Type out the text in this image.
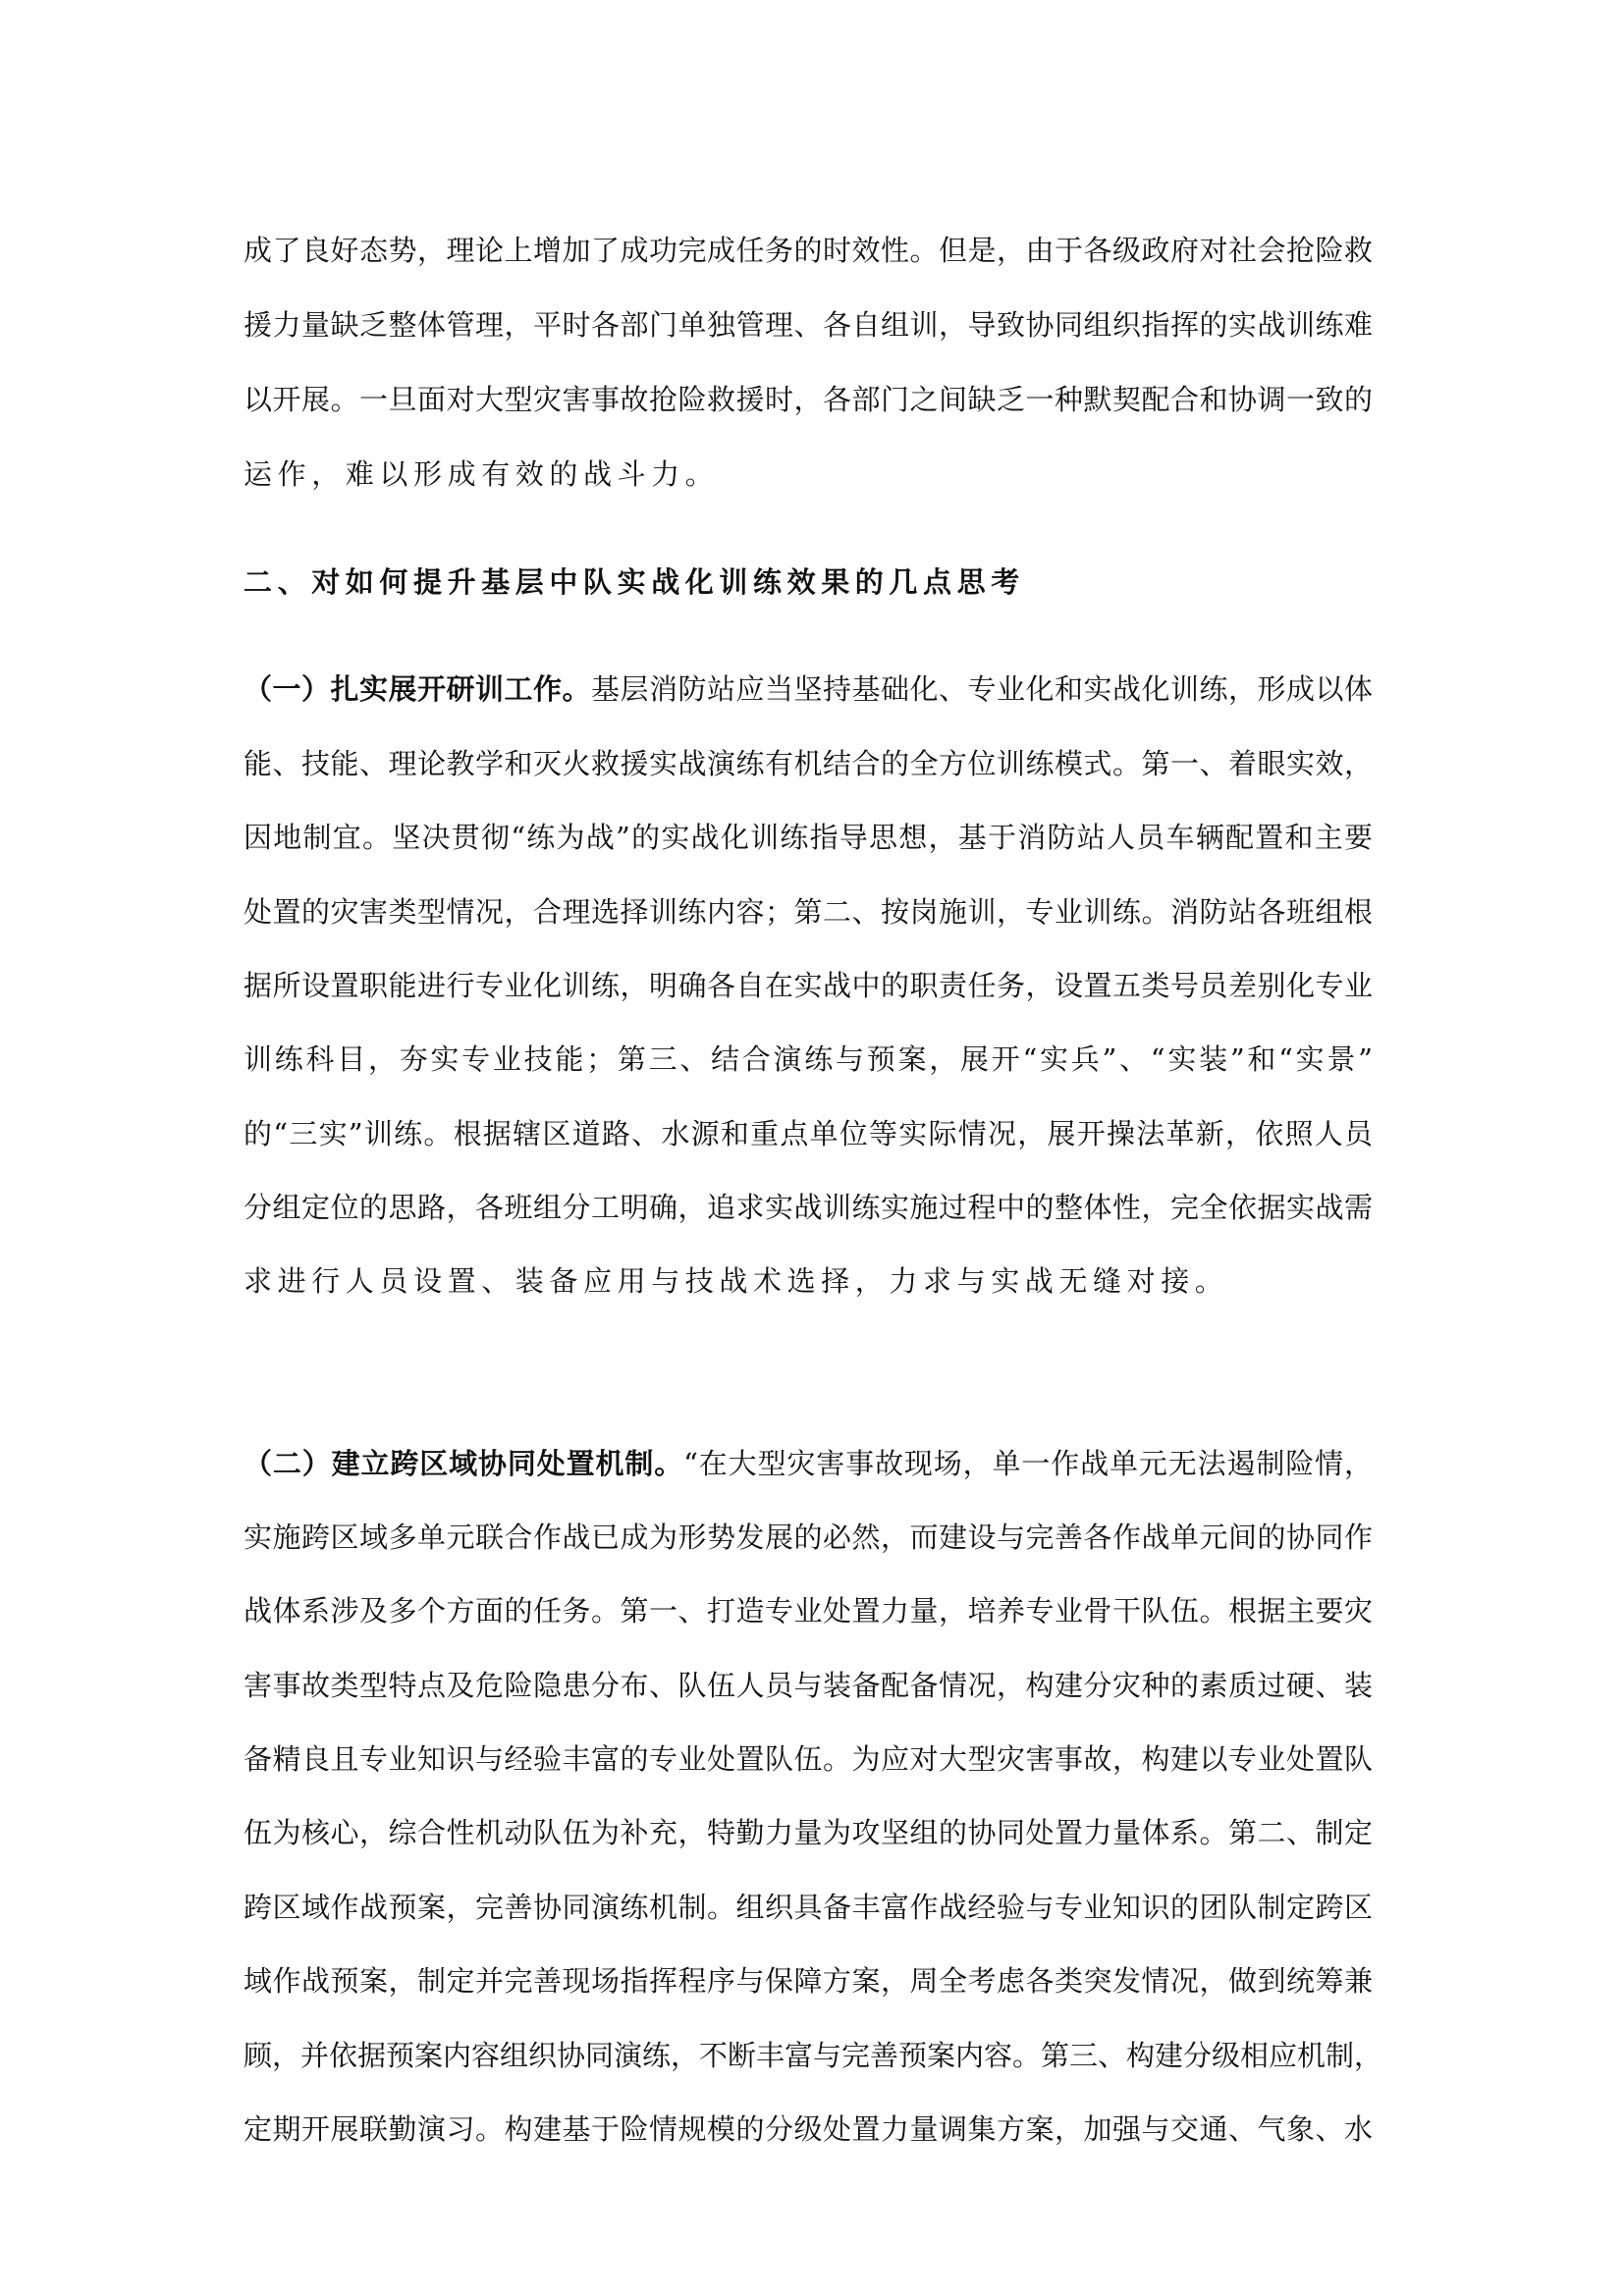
成了良好态势，理论上增加了成功完成任务的时效性。但是，由于各级政府对社会抢险救
援力量缺乏整体管理，平时各部门单独管理、各自组训，导致协同组织指挥的实战训练难
以开展。一旦面对大型灾害事故抢险救援时，各部门之间缺乏一种默契配合和协调一致的
运作，难以形成有效的战斗力。
二、对如何提升基层中队实战化训练效果的几点思考
（一）扎实展开研训工作。基层消防站应当坚持基础化、专业化和实战化训练，形成以体
能、技能、理论教学和灭火救援实战演练有机结合的全方位训练模式。第一、着眼实效，
因地制宜。坚决贯彻“练为战”的实战化训练指导思想，基于消防站人员车辆配置和主要
处置的灾害类型情况，合理选择训练内容；第二、按岗施训，专业训练。消防站各班组根
据所设置职能进行专业化训练，明确各自在实战中的职责任务，设置五类号员差别化专业
训练科目，夯实专业技能；第三、结合演练与预案，展开“实兵”、“实装”和“实景”
的“三实”训练。根据辖区道路、水源和重点单位等实际情况，展开操法革新，依照人员
分组定位的思路，各班组分工明确，追求实战训练实施过程中的整体性，完全依据实战需
求进行人员设置、装备应用与技战术选择，力求与实战无缝对接。
（二）建立跨区域协同处置机制。“在大型灾害事故现场，单一作战单元无法遏制险情，
实施跨区域多单元联合作战已成为形势发展的必然，而建设与完善各作战单元间的协同作
战体系涉及多个方面的任务。第一、打造专业处置力量，培养专业骨干队伍。根据主要灾
害事故类型特点及危险隐患分布、队伍人员与装备配备情况，构建分灾种的素质过硬、装
备精良且专业知识与经验丰富的专业处置队伍。为应对大型灾害事故，构建以专业处置队
伍为核心，综合性机动队伍为补充，特勤力量为攻坚组的协同处置力量体系。第二、制定
跨区域作战预案，完善协同演练机制。组织具备丰富作战经验与专业知识的团队制定跨区
域作战预案，制定并完善现场指挥程序与保障方案，周全考虑各类突发情况，做到统筹兼
顾，并依据预案内容组织协同演练，不断丰富与完善预案内容。第三、构建分级相应机制，
定期开展联勤演习。构建基于险情规模的分级处置力量调集方案，加强与交通、气象、水
